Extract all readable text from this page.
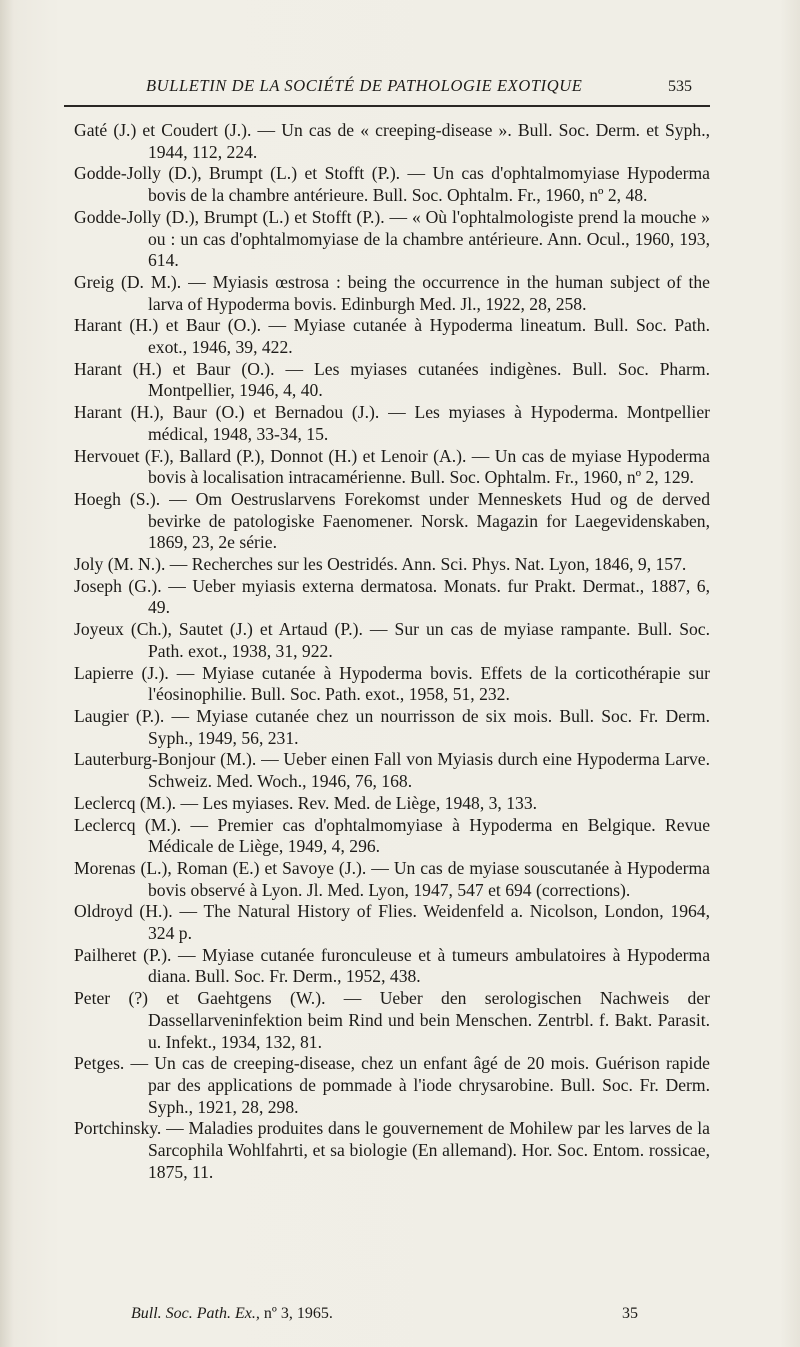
BULLETIN DE LA SOCIÉTÉ DE PATHOLOGIE EXOTIQUE	535

Gaté (J.) et Coudert (J.). — Un cas de « creeping-disease ». Bull. Soc. Derm. et Syph., 1944, 112, 224.

Godde-Jolly (D.), Brumpt (L.) et Stofft (P.). — Un cas d'ophtalmomyiase Hypoderma bovis de la chambre antérieure. Bull. Soc. Ophtalm. Fr., 1960, nº 2, 48.

Godde-Jolly (D.), Brumpt (L.) et Stofft (P.). — « Où l'ophtalmologiste prend la mouche » ou : un cas d'ophtalmomyiase de la chambre antérieure. Ann. Ocul., 1960, 193, 614.

Greig (D. M.). — Myiasis œstrosa : being the occurrence in the human subject of the larva of Hypoderma bovis. Edinburgh Med. Jl., 1922, 28, 258.

Harant (H.) et Baur (O.). — Myiase cutanée à Hypoderma lineatum. Bull. Soc. Path. exot., 1946, 39, 422.

Harant (H.) et Baur (O.). — Les myiases cutanées indigènes. Bull. Soc. Pharm. Montpellier, 1946, 4, 40.

Harant (H.), Baur (O.) et Bernadou (J.). — Les myiases à Hypoderma. Montpellier médical, 1948, 33-34, 15.

Hervouet (F.), Ballard (P.), Donnot (H.) et Lenoir (A.). — Un cas de myiase Hypoderma bovis à localisation intracamérienne. Bull. Soc. Ophtalm. Fr., 1960, nº 2, 129.

Hoegh (S.). — Om Oestruslarvens Forekomst under Menneskets Hud og de derved bevirke de patologiske Faenomener. Norsk. Magazin for Laegevidenskaben, 1869, 23, 2e série.

Joly (M. N.). — Recherches sur les Oestridés. Ann. Sci. Phys. Nat. Lyon, 1846, 9, 157.

Joseph (G.). — Ueber myiasis externa dermatosa. Monats. fur Prakt. Dermat., 1887, 6, 49.

Joyeux (Ch.), Sautet (J.) et Artaud (P.). — Sur un cas de myiase rampante. Bull. Soc. Path. exot., 1938, 31, 922.

Lapierre (J.). — Myiase cutanée à Hypoderma bovis. Effets de la corticothérapie sur l'éosinophilie. Bull. Soc. Path. exot., 1958, 51, 232.

Laugier (P.). — Myiase cutanée chez un nourrisson de six mois. Bull. Soc. Fr. Derm. Syph., 1949, 56, 231.

Lauterburg-Bonjour (M.). — Ueber einen Fall von Myiasis durch eine Hypoderma Larve. Schweiz. Med. Woch., 1946, 76, 168.

Leclercq (M.). — Les myiases. Rev. Med. de Liège, 1948, 3, 133.

Leclercq (M.). — Premier cas d'ophtalmomyiase à Hypoderma en Belgique. Revue Médicale de Liège, 1949, 4, 296.

Morenas (L.), Roman (E.) et Savoye (J.). — Un cas de myiase souscutanée à Hypoderma bovis observé à Lyon. Jl. Med. Lyon, 1947, 547 et 694 (corrections).

Oldroyd (H.). — The Natural History of Flies. Weidenfeld a. Nicolson, London, 1964, 324 p.

Pailheret (P.). — Myiase cutanée furonculeuse et à tumeurs ambulatoires à Hypoderma diana. Bull. Soc. Fr. Derm., 1952, 438.

Peter (?) et Gaehtgens (W.). — Ueber den serologischen Nachweis der Dassellarveninfektion beim Rind und bein Menschen. Zentrbl. f. Bakt. Parasit. u. Infekt., 1934, 132, 81.

Petges. — Un cas de creeping-disease, chez un enfant âgé de 20 mois. Guérison rapide par des applications de pommade à l'iode chrysarobine. Bull. Soc. Fr. Derm. Syph., 1921, 28, 298.

Portchinsky. — Maladies produites dans le gouvernement de Mohilew par les larves de la Sarcophila Wohlfahrti, et sa biologie (En allemand). Hor. Soc. Entom. rossicae, 1875, 11.

Bull. Soc. Path. Ex., nº 3, 1965.	35
